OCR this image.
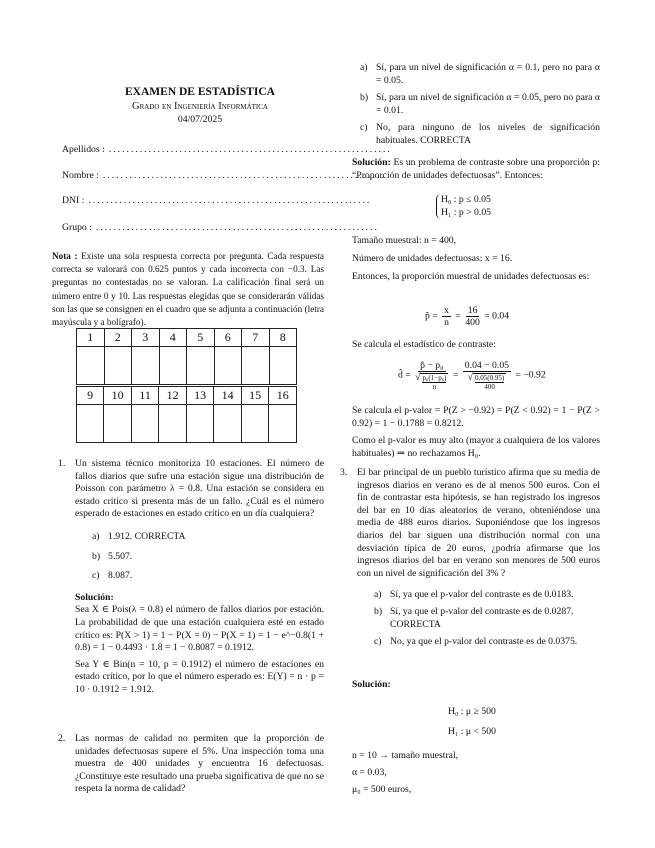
EXAMEN DE ESTADÍSTICA
Grado en Ingeniería Informática
04/07/2025
Apellidos : ................................................................
Nombre : ................................................................
DNI : ................................................................
Grupo : ................................................................
Nota : Existe una sola respuesta correcta por pregunta. Cada respuesta correcta se valorará con 0.625 puntos y cada incorrecta con −0.3. Las preguntas no contestadas no se valoran. La calificación final será un número entre 0 y 10. Las respuestas elegidas que se considerarán válidas son las que se consignen en el cuadro que se adjunta a continuación (letra mayúscula y a bolígrafo).
1	2	3	4	5	6	7	8

9	10	11	12	13	14	15	16

1. Un sistema técnico monitoriza 10 estaciones. El número de fallos diarios que sufre una estación sigue una distribución de Poisson con parámetro λ = 0.8. Una estación se considera en estado crítico si presenta más de un fallo. ¿Cuál es el número esperado de estaciones en estado crítico en un día cualquiera?
a) 1.912. CORRECTA
b) 5.507.
c) 8.087.
Solución:
Sea X ∈ Pois(λ = 0.8) el número de fallos diarios por estación. La probabilidad de que una estación cualquiera esté en estado crítico es: P(X > 1) = 1 − P(X = 0) − P(X = 1) = 1 − e^−0.8(1 + 0.8) = 1 − 0.4493 · 1.8 = 1 − 0.8087 = 0.1912.
Sea Y ∈ Bin(n = 10, p = 0.1912) el número de estaciones en estado crítico, por lo que el número esperado es: E(Y) = n · p = 10 · 0.1912 = 1.912.
2. Las normas de calidad no permiten que la proporción de unidades defectuosas supere el 5%. Una inspección toma una muestra de 400 unidades y encuentra 16 defectuosas. ¿Constituye este resultado una prueba significativa de que no se respeta la norma de calidad?
a) Sí, para un nivel de significación α = 0.1, pero no para α = 0.05.
b) Sí, para un nivel de significación α = 0.05, pero no para α = 0.01.
c) No, para ninguno de los niveles de significación habituales. CORRECTA
Solución: Es un problema de contraste sobre una proporción p: “Proporción de unidades defectuosas”. Entonces:
H₀ : p ≤ 0.05
H₁ : p > 0.05
Tamaño muestral: n = 400,
Número de unidades defectuosas: x = 16.
Entonces, la proporción muestral de unidades defectuosas es:
p̂ = $\frac{x}{n} = \frac{16}{400} = 0.04$
Se calcula el estadístico de contraste:
d̂ = $\frac{\text{p̂ − p₀}}{√ \frac{\text{p₀(1−p₀)}}{n}} = \frac{0.04 - 0.05}{√ \frac{0.05(0.95)}{400}} = -0.92$
Se calcula el p-valor = P(Z > −0.92) = P(Z < 0.92) = 1 − P(Z > 0.92) = 1 − 0.1788 = 0.8212.
Como el p-valor es muy alto (mayor a cualquiera de los valores habituales) ⇒ no rechazamos H₀.
3. El bar principal de un pueblo turístico afirma que su media de ingresos diarios en verano es de al menos 500 euros. Con el fin de contrastar esta hipótesis, se han registrado los ingresos del bar en 10 días aleatorios de verano, obteniéndose una media de 488 euros diarios. Suponiéndose que los ingresos diarios del bar siguen una distribución normal con una desviación típica de 20 euros, ¿podría afirmarse que los ingresos diarios del bar en verano son menores de 500 euros con un nivel de significación del 3% ?
a) Sí, ya que el p-valor del contraste es de 0.0183.
b) Sí, ya que el p-valor del contraste es de 0.0287. CORRECTA
c) No, ya que el p-valor del contraste es de 0.0375.
Solución:
H₀ : μ ≥ 500
H₁ : μ < 500
n = 10 → tamaño muestral,
α = 0.03,
μ₀ = 500 euros,
